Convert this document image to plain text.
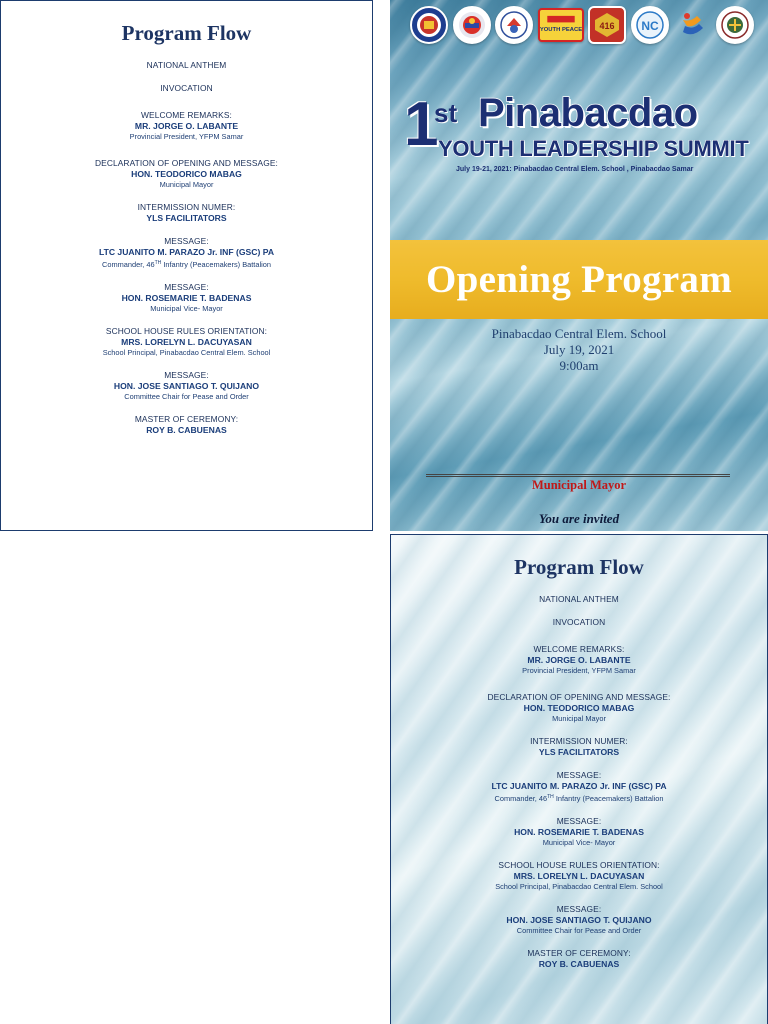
Program Flow
NATIONAL ANTHEM
INVOCATION
WELCOME REMARKS:
MR. JORGE O. LABANTE
Provincial President, YFPM Samar
DECLARATION OF OPENING AND MESSAGE:
HON. TEODORICO MABAG
Municipal Mayor
INTERMISSION NUMER:
YLS FACILITATORS
MESSAGE:
LTC JUANITO M. PARAZO Jr. INF (GSC) PA
Commander, 46TH Infantry (Peacemakers) Battalion
MESSAGE:
HON. ROSEMARIE T. BADENAS
Municipal Vice- Mayor
SCHOOL HOUSE RULES ORIENTATION:
MRS. LORELYN L. DACUYASAN
School Principal, Pinabacdao Central Elem. School
MESSAGE:
HON. JOSE SANTIAGO T. QUIJANO
Committee Chair for Pease and Order
MASTER OF CEREMONY:
ROY B. CABUENAS
YOUTH PEACE 416 NC
1
st Pinabacdao
YOUTH LEADERSHIP SUMMIT
July 19-21, 2021: Pinabacdao Central Elem. School , Pinabacdao Samar
Opening Program
Pinabacdao Central Elem. School
July 19, 2021
9:00am
Municipal Mayor
You are invited
Program Flow
NATIONAL ANTHEM
INVOCATION
WELCOME REMARKS:
MR. JORGE O. LABANTE
Provincial President, YFPM Samar
DECLARATION OF OPENING AND MESSAGE:
HON. TEODORICO MABAG
Municipal Mayor
INTERMISSION NUMER:
YLS FACILITATORS
MESSAGE:
LTC JUANITO M. PARAZO Jr. INF (GSC) PA
Commander, 46TH Infantry (Peacemakers) Battalion
MESSAGE:
HON. ROSEMARIE T. BADENAS
Municipal Vice- Mayor
SCHOOL HOUSE RULES ORIENTATION:
MRS. LORELYN L. DACUYASAN
School Principal, Pinabacdao Central Elem. School
MESSAGE:
HON. JOSE SANTIAGO T. QUIJANO
Committee Chair for Pease and Order
MASTER OF CEREMONY:
ROY B. CABUENAS
